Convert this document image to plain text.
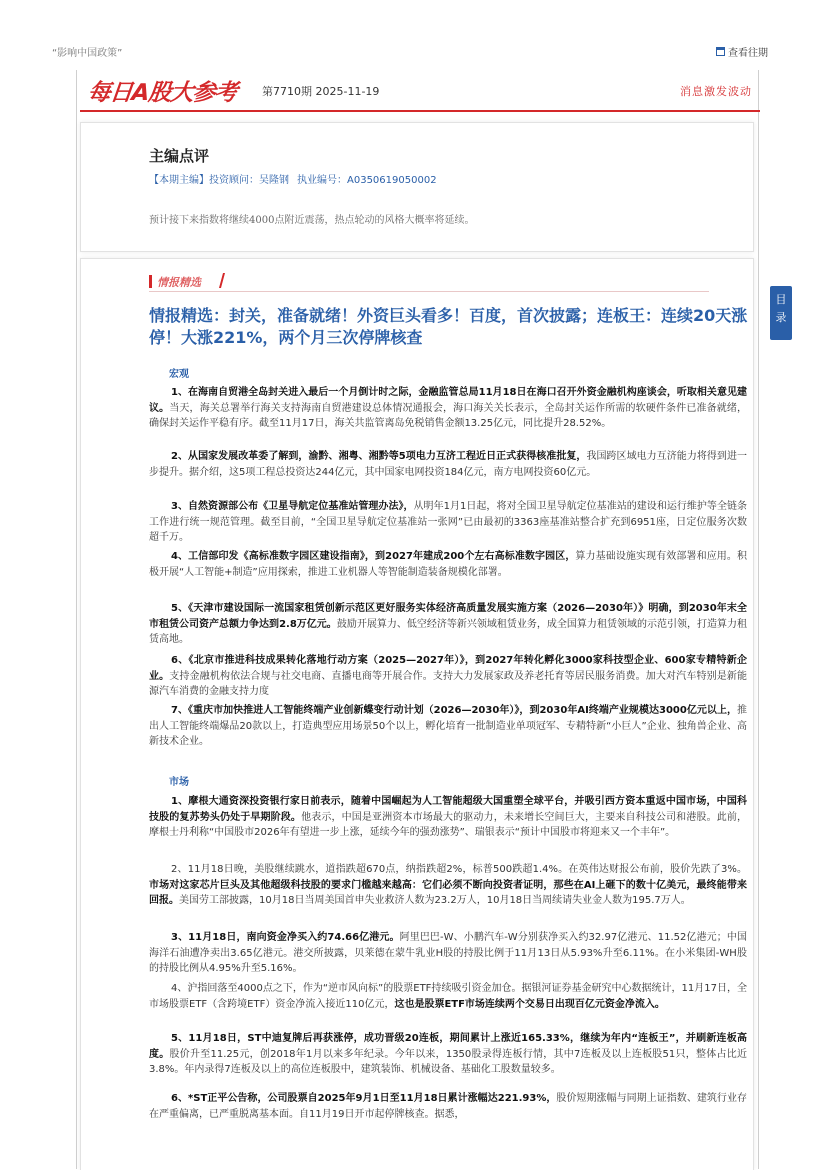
“影响中国政策”	查看往期
每日A股大参考 第7710期 2025-11-19	消息激发波动
主编点评
【本期主编】投资顾问：吴隆钢 执业编号：A0350619050002
预计接下来指数将继续4000点附近震荡，热点轮动的风格大概率将延续。
情报精选
情报精选：封关，准备就绪！外资巨头看多！百度，首次披露；连板王：连续20天涨停！大涨221%，两个月三次停牌核查
宏观
1、在海南自贸港全岛封关进入最后一个月倒计时之际，金融监管总局11月18日在海口召开外资金融机构座谈会，听取相关意见建议。当天，海关总署举行海关支持海南自贸港建设总体情况通报会，海口海关关长表示，全岛封关运作所需的软硬件条件已准备就绪，确保封关运作平稳有序。截至11月17日，海关共监管离岛免税销售金额13.25亿元，同比提升28.52%。
2、从国家发展改革委了解到，渝黔、湘粤、湘黔等5项电力互济工程近日正式获得核准批复，我国跨区域电力互济能力将得到进一步提升。据介绍，这5项工程总投资达244亿元，其中国家电网投资184亿元，南方电网投资60亿元。
3、自然资源部公布《卫星导航定位基准站管理办法》，从明年1月1日起，将对全国卫星导航定位基准站的建设和运行维护等全链条工作进行统一规范管理。截至目前，“全国卫星导航定位基准站一张网”已由最初的3363座基准站整合扩充到6951座，日定位服务次数超千万。
4、工信部印发《高标准数字园区建设指南》，到2027年建成200个左右高标准数字园区，算力基础设施实现有效部署和应用。积极开展“人工智能+制造”应用探索，推进工业机器人等智能制造装备规模化部署。
5、《天津市建设国际一流国家租赁创新示范区更好服务实体经济高质量发展实施方案（2026—2030年）》明确，到2030年末全市租赁公司资产总额力争达到2.8万亿元。鼓励开展算力、低空经济等新兴领域租赁业务，成全国算力租赁领域的示范引领，打造算力租赁高地。
6、《北京市推进科技成果转化落地行动方案（2025—2027年）》，到2027年转化孵化3000家科技型企业、600家专精特新企业。支持金融机构依法合规与社交电商、直播电商等开展合作。支持大力发展家政及养老托育等居民服务消费。加大对汽车特别是新能源汽车消费的金融支持力度
7、《重庆市加快推进人工智能终端产业创新蝶变行动计划（2026—2030年）》，到2030年AI终端产业规模达3000亿元以上，推出人工智能终端爆品20款以上，打造典型应用场景50个以上，孵化培育一批制造业单项冠军、专精特新“小巨人”企业、独角兽企业、高新技术企业。
市场
1、摩根大通资深投资银行家日前表示，随着中国崛起为人工智能超级大国重塑全球平台，并吸引西方资本重返中国市场，中国科技股的复苏势头仍处于早期阶段。他表示，中国是亚洲资本市场最大的驱动力，未来增长空间巨大，主要来自科技公司和港股。此前，摩根士丹利称“中国股市2026年有望进一步上涨，延续今年的强劲涨势”、瑞银表示“预计中国股市将迎来又一个丰年”。
2、11月18日晚，美股继续跳水，道指跌超670点，纳指跌超2%，标普500跌超1.4%。在英伟达财报公布前，股价先跌了3%。市场对这家芯片巨头及其他超级科技股的要求门槛越来越高：它们必须不断向投资者证明，那些在AI上砸下的数十亿美元，最终能带来回报。美国劳工部披露，10月18日当周美国首申失业救济人数为23.2万人，10月18日当周续请失业金人数为195.7万人。
3、11月18日，南向资金净买入约74.66亿港元。阿里巴巴-W、小鹏汽车-W分别获净买入约32.97亿港元、11.52亿港元；中国海洋石油遭净卖出3.65亿港元。港交所披露，贝莱德在蒙牛乳业H股的持股比例于11月13日从5.93%升至6.11%。在小米集团-WH股的持股比例从4.95%升至5.16%。
4、沪指回落至4000点之下，作为“逆市风向标”的股票ETF持续吸引资金加仓。据银河证券基金研究中心数据统计，11月17日，全市场股票ETF（含跨境ETF）资金净流入接近110亿元，这也是股票ETF市场连续两个交易日出现百亿元资金净流入。
5、11月18日，ST中迪复牌后再获涨停，成功晋级20连板，期间累计上涨近165.33%，继续为年内“连板王”，并刷新连板高度。股价升至11.25元，创2018年1月以来多年纪录。今年以来，1350股录得连板行情，其中7连板及以上连板股51只，整体占比近3.8%。年内录得7连板及以上的高位连板股中，建筑装饰、机械设备、基础化工股数量较多。
6、*ST正平公告称，公司股票自2025年9月1日至11月18日累计涨幅达221.93%，股价短期涨幅与同期上证指数、建筑行业存在严重偏离，已严重脱离基本面。自11月19日开市起停牌核查。据悉，
目 录
